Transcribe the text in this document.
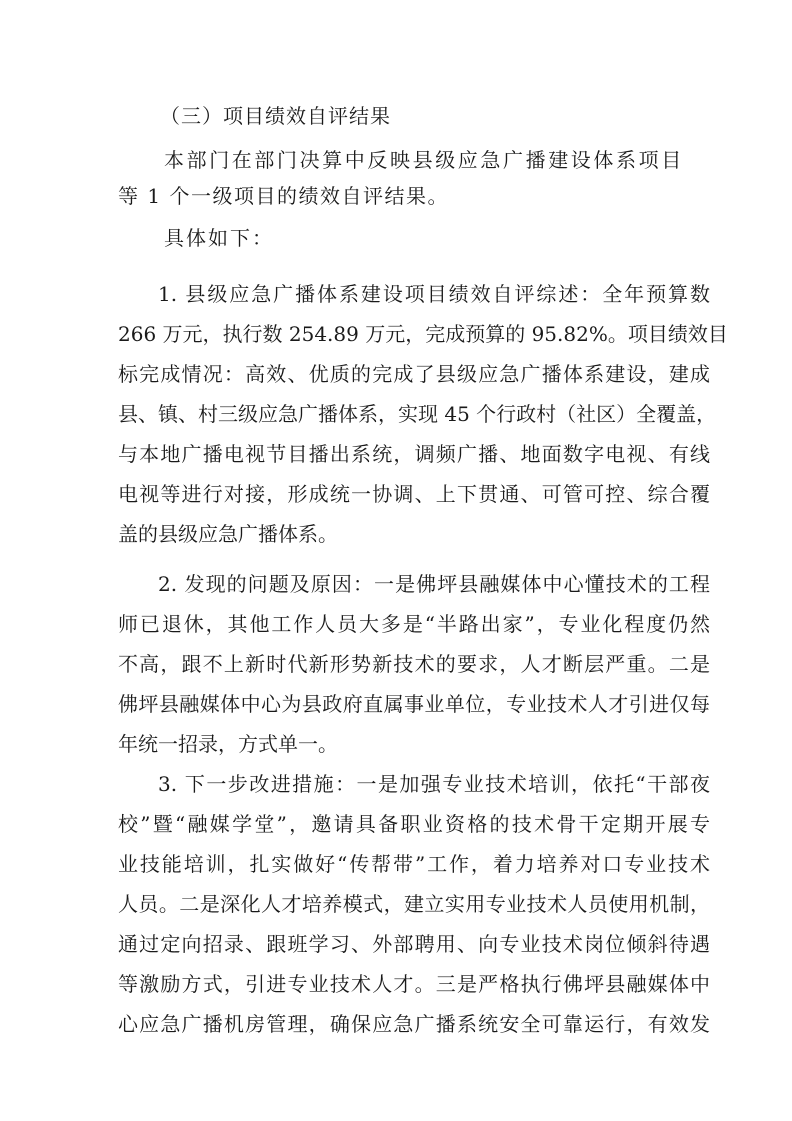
（三）项目绩效自评结果
本部门在部门决算中反映县级应急广播建设体系项目
等 1 个一级项目的绩效自评结果。
具体如下：
1. 县级应急广播体系建设项目绩效自评综述：全年预算数
266 万元，执行数 254.89 万元，完成预算的 95.82%。项目绩效目
标完成情况：高效、优质的完成了县级应急广播体系建设，建成
县、镇、村三级应急广播体系，实现 45 个行政村（社区）全覆盖，
与本地广播电视节目播出系统，调频广播、地面数字电视、有线
电视等进行对接，形成统一协调、上下贯通、可管可控、综合覆
盖的县级应急广播体系。
2. 发现的问题及原因：一是佛坪县融媒体中心懂技术的工程
师已退休，其他工作人员大多是“半路出家”，专业化程度仍然
不高，跟不上新时代新形势新技术的要求，人才断层严重。二是
佛坪县融媒体中心为县政府直属事业单位，专业技术人才引进仅每
年统一招录，方式单一。
3. 下一步改进措施：一是加强专业技术培训，依托“干部夜
校”暨“融媒学堂”，邀请具备职业资格的技术骨干定期开展专
业技能培训，扎实做好“传帮带”工作，着力培养对口专业技术
人员。二是深化人才培养模式，建立实用专业技术人员使用机制，
通过定向招录、跟班学习、外部聘用、向专业技术岗位倾斜待遇
等激励方式，引进专业技术人才。三是严格执行佛坪县融媒体中
心应急广播机房管理，确保应急广播系统安全可靠运行，有效发
